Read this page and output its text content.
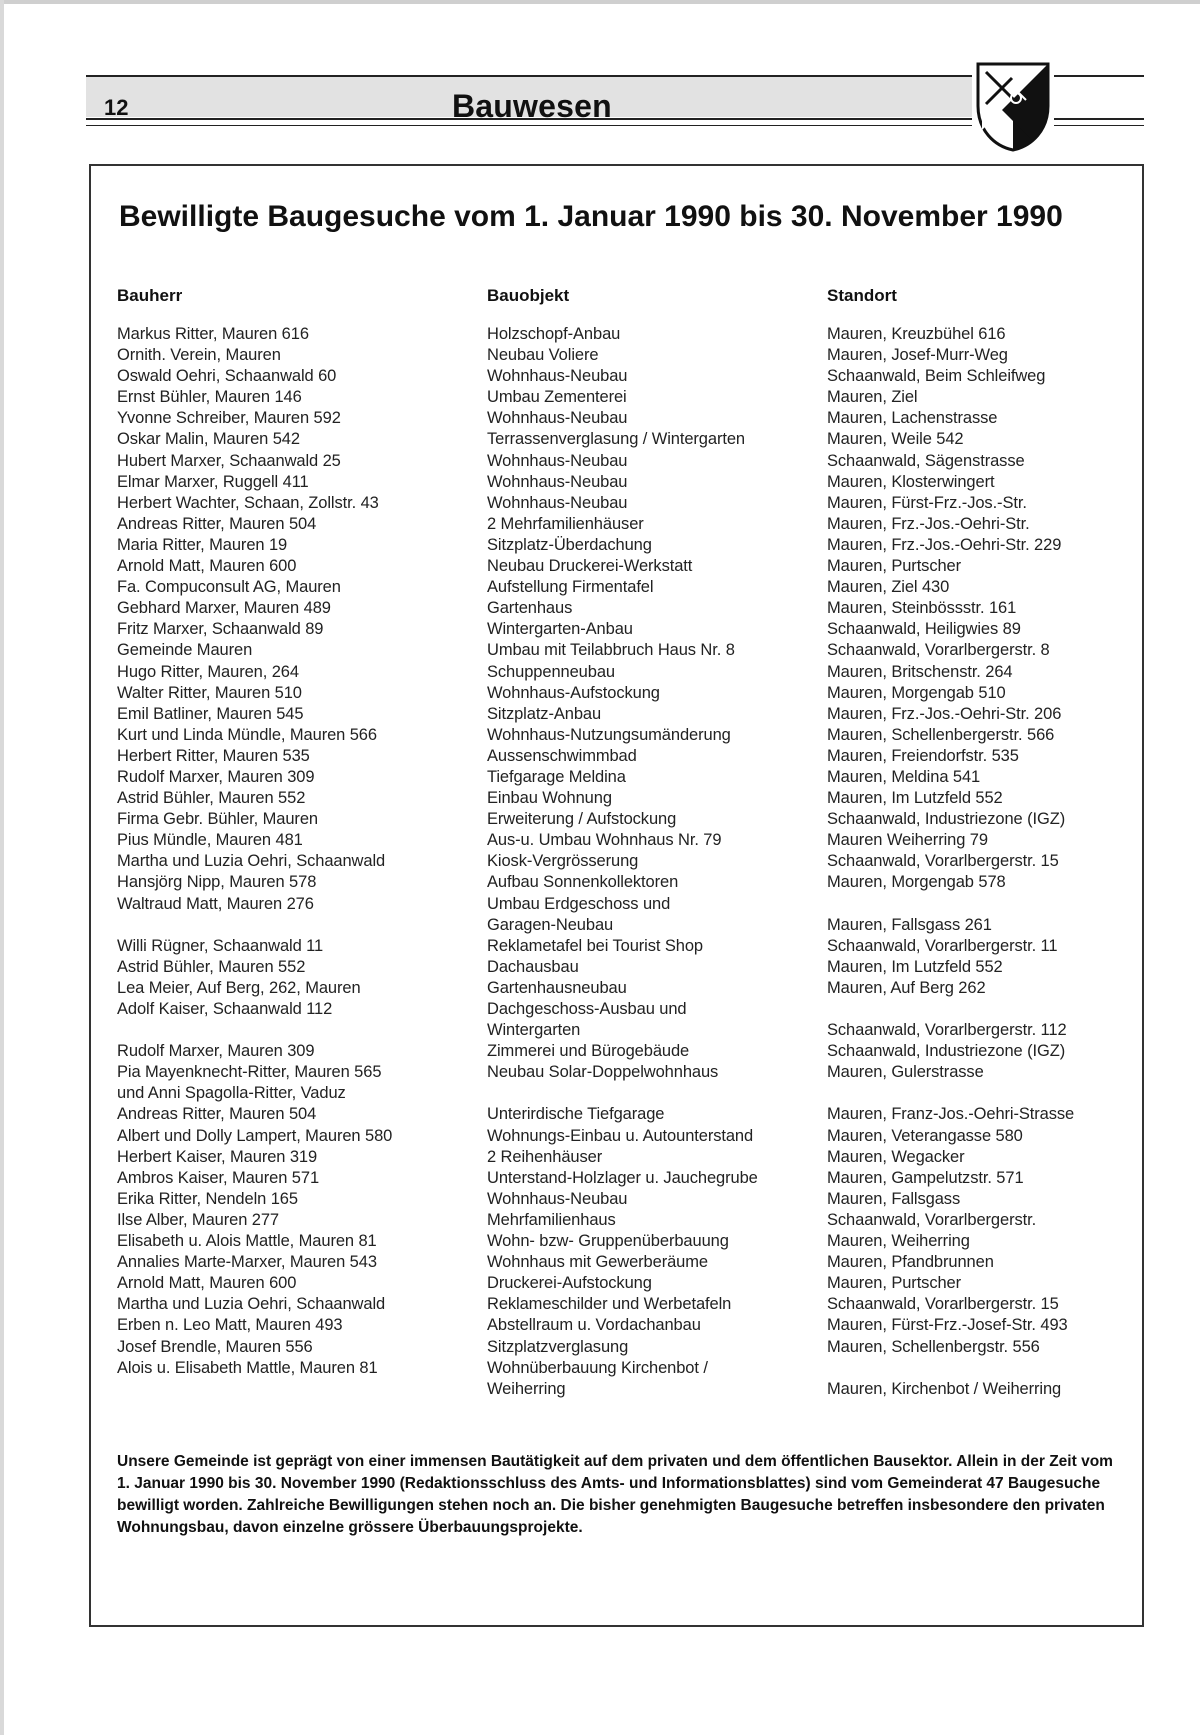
12	Bauwesen
Bewilligte Baugesuche vom 1. Januar 1990 bis 30. November 1990
Bauherr
Markus Ritter, Mauren 616
Ornith. Verein, Mauren
Oswald Oehri, Schaanwald 60
Ernst Bühler, Mauren 146
Yvonne Schreiber, Mauren 592
Oskar Malin, Mauren 542
Hubert Marxer, Schaanwald 25
Elmar Marxer, Ruggell 411
Herbert Wachter, Schaan, Zollstr. 43
Andreas Ritter, Mauren 504
Maria Ritter, Mauren 19
Arnold Matt, Mauren 600
Fa. Compuconsult AG, Mauren
Gebhard Marxer, Mauren 489
Fritz Marxer, Schaanwald 89
Gemeinde Mauren
Hugo Ritter, Mauren, 264
Walter Ritter, Mauren 510
Emil Batliner, Mauren 545
Kurt und Linda Mündle, Mauren 566
Herbert Ritter, Mauren 535
Rudolf Marxer, Mauren 309
Astrid Bühler, Mauren 552
Firma Gebr. Bühler, Mauren
Pius Mündle, Mauren 481
Martha und Luzia Oehri, Schaanwald
Hansjörg Nipp, Mauren 578
Waltraud Matt, Mauren 276
Willi Rügner, Schaanwald 11
Astrid Bühler, Mauren 552
Lea Meier, Auf Berg, 262, Mauren
Adolf Kaiser, Schaanwald 112
Rudolf Marxer, Mauren 309
Pia Mayenknecht-Ritter, Mauren 565
und Anni Spagolla-Ritter, Vaduz
Andreas Ritter, Mauren 504
Albert und Dolly Lampert, Mauren 580
Herbert Kaiser, Mauren 319
Ambros Kaiser, Mauren 571
Erika Ritter, Nendeln 165
Ilse Alber, Mauren 277
Elisabeth u. Alois Mattle, Mauren 81
Annalies Marte-Marxer, Mauren 543
Arnold Matt, Mauren 600
Martha und Luzia Oehri, Schaanwald
Erben n. Leo Matt, Mauren 493
Josef Brendle, Mauren 556
Alois u. Elisabeth Mattle, Mauren 81
Bauobjekt
Holzschopf-Anbau
Neubau Voliere
Wohnhaus-Neubau
Umbau Zementerei
Wohnhaus-Neubau
Terrassenverglasung / Wintergarten
Wohnhaus-Neubau
Wohnhaus-Neubau
Wohnhaus-Neubau
2 Mehrfamilienhäuser
Sitzplatz-Überdachung
Neubau Druckerei-Werkstatt
Aufstellung Firmentafel
Gartenhaus
Wintergarten-Anbau
Umbau mit Teilabbruch Haus Nr. 8
Schuppenneubau
Wohnhaus-Aufstockung
Sitzplatz-Anbau
Wohnhaus-Nutzungsumänderung
Aussenschwimmbad
Tiefgarage Meldina
Einbau Wohnung
Erweiterung / Aufstockung
Aus-u. Umbau Wohnhaus Nr. 79
Kiosk-Vergrösserung
Aufbau Sonnenkollektoren
Umbau Erdgeschoss und
Garagen-Neubau
Reklametafel bei Tourist Shop
Dachausbau
Gartenhausneubau
Dachgeschoss-Ausbau und
Wintergarten
Zimmerei und Bürogebäude
Neubau Solar-Doppelwohnhaus
Unterirdische Tiefgarage
Wohnungs-Einbau u. Autounterstand
2 Reihenhäuser
Unterstand-Holzlager u. Jauchegrube
Wohnhaus-Neubau
Mehrfamilienhaus
Wohn- bzw- Gruppenüberbauung
Wohnhaus mit Gewerberäume
Druckerei-Aufstockung
Reklameschilder und Werbetafeln
Abstellraum u. Vordachanbau
Sitzplatzverglasung
Wohnüberbauung Kirchenbot /
Weiherring
Standort
Mauren, Kreuzbühel 616
Mauren, Josef-Murr-Weg
Schaanwald, Beim Schleifweg
Mauren, Ziel
Mauren, Lachenstrasse
Mauren, Weile 542
Schaanwald, Sägenstrasse
Mauren, Klosterwingert
Mauren, Fürst-Frz.-Jos.-Str.
Mauren, Frz.-Jos.-Oehri-Str.
Mauren, Frz.-Jos.-Oehri-Str. 229
Mauren, Purtscher
Mauren, Ziel 430
Mauren, Steinbössstr. 161
Schaanwald, Heiligwies 89
Schaanwald, Vorarlbergerstr. 8
Mauren, Britschenstr. 264
Mauren, Morgengab 510
Mauren, Frz.-Jos.-Oehri-Str. 206
Mauren, Schellenbergerstr. 566
Mauren, Freiendorfstr. 535
Mauren, Meldina 541
Mauren, Im Lutzfeld 552
Schaanwald, Industriezone (IGZ)
Mauren Weiherring 79
Schaanwald, Vorarlbergerstr. 15
Mauren, Morgengab 578
Mauren, Fallsgass 261
Schaanwald, Vorarlbergerstr. 11
Mauren, Im Lutzfeld 552
Mauren, Auf Berg 262
Schaanwald, Vorarlbergerstr. 112
Schaanwald, Industriezone (IGZ)
Mauren, Gulerstrasse
Mauren, Franz-Jos.-Oehri-Strasse
Mauren, Veterangasse 580
Mauren, Wegacker
Mauren, Gampelutzstr. 571
Mauren, Fallsgass
Schaanwald, Vorarlbergerstr.
Mauren, Weiherring
Mauren, Pfandbrunnen
Mauren, Purtscher
Schaanwald, Vorarlbergerstr. 15
Mauren, Fürst-Frz.-Josef-Str. 493
Mauren, Schellenbergstr. 556
Mauren, Kirchenbot / Weiherring
Unsere Gemeinde ist geprägt von einer immensen Bautätigkeit auf dem privaten und dem öffentlichen Bausektor. Allein in der Zeit vom 1. Januar 1990 bis 30. November 1990 (Redaktionsschluss des Amts- und Informationsblattes) sind vom Gemeinderat 47 Baugesuche bewilligt worden. Zahlreiche Bewilligungen stehen noch an. Die bisher genehmigten Baugesuche betreffen insbesondere den privaten Wohnungsbau, davon einzelne grössere Überbauungsprojekte.
